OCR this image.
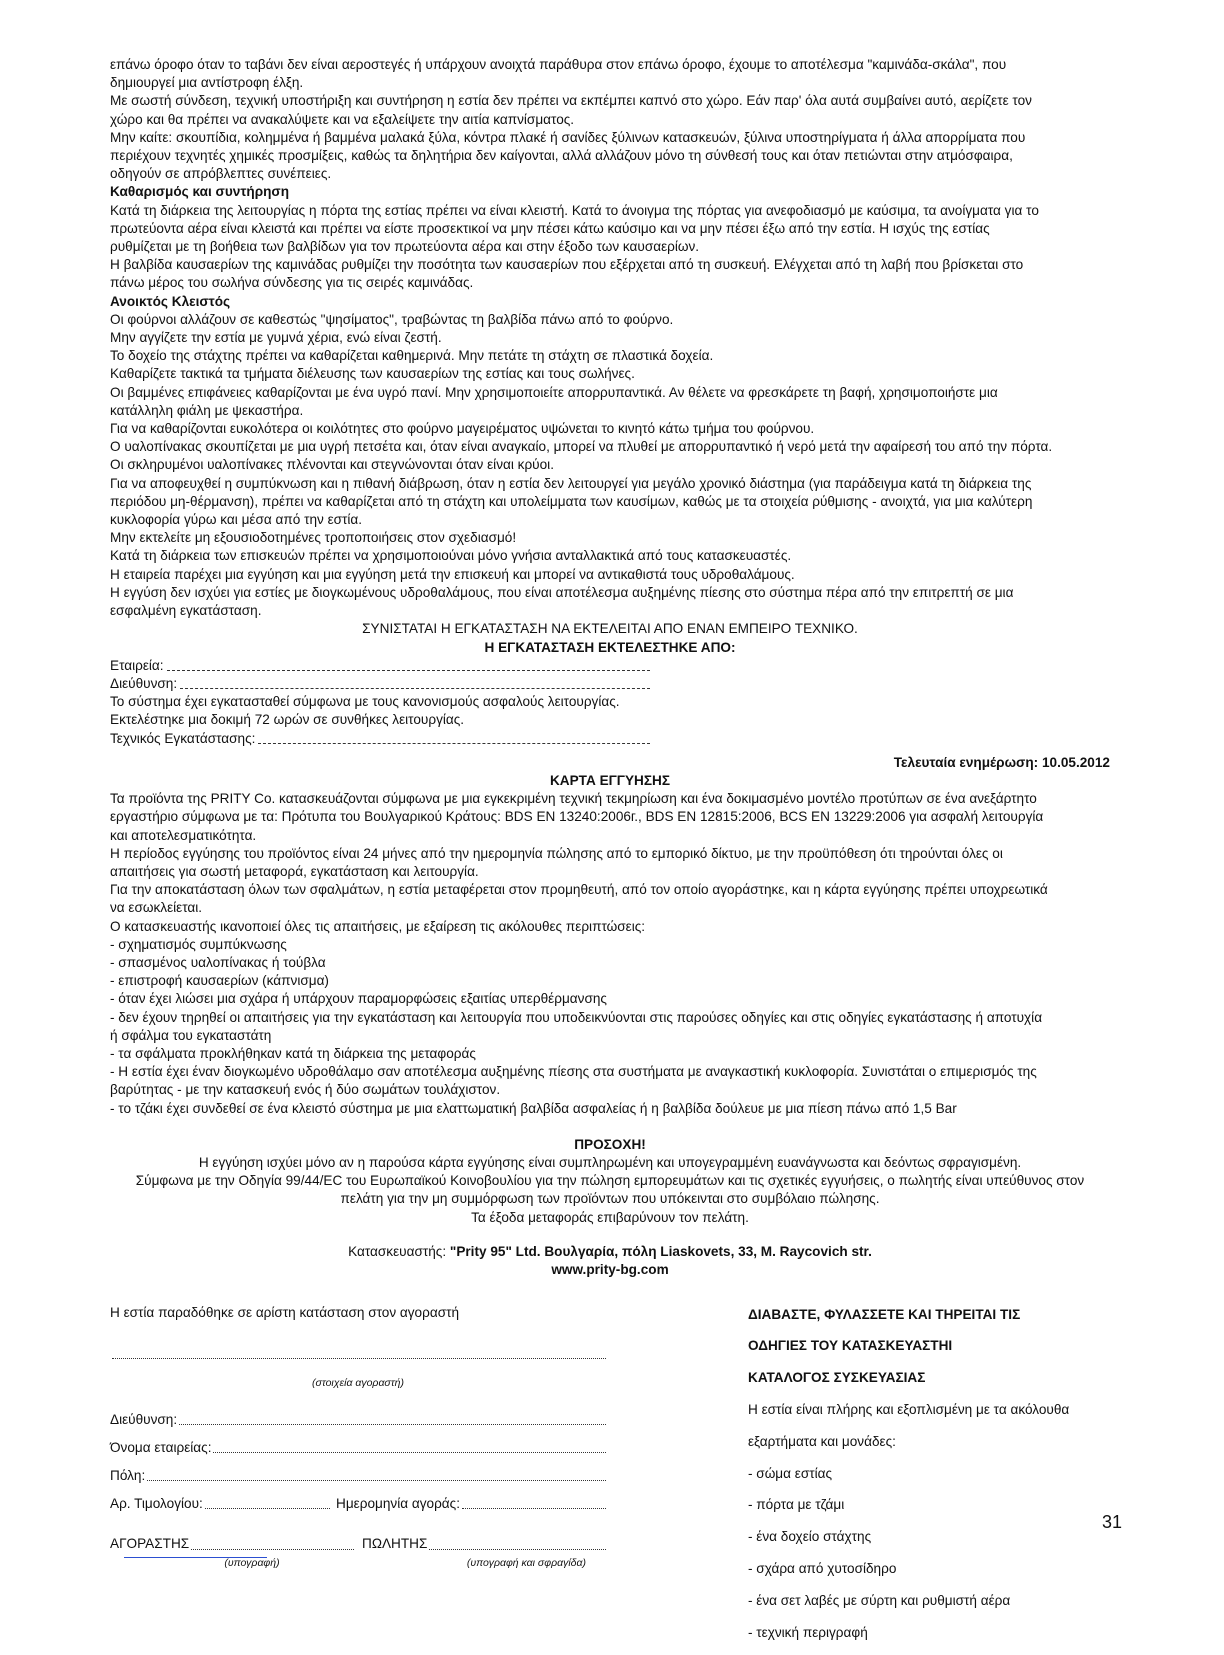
επάνω όροφο όταν το ταβάνι δεν είναι αεροστεγές ή υπάρχουν ανοιχτά παράθυρα στον επάνω όροφο, έχουμε το αποτέλεσμα "καμινάδα-σκάλα", που

δημιουργεί μια αντίστροφη έλξη.

Με σωστή σύνδεση, τεχνική υποστήριξη και συντήρηση η εστία δεν πρέπει να εκπέμπει καπνό στο χώρο. Εάν παρ' όλα αυτά συμβαίνει αυτό, αερίζετε τον

χώρο και θα πρέπει να ανακαλύψετε και να εξαλείψετε την αιτία καπνίσματος.

Μην καίτε: σκουπίδια, κολημμένα ή βαμμένα μαλακά ξύλα, κόντρα πλακέ ή σανίδες ξύλινων κατασκευών, ξύλινα υποστηρίγματα ή άλλα απορρίματα που

περιέχουν τεχνητές χημικές προσμίξεις, καθώς τα δηλητήρια δεν καίγονται, αλλά αλλάζουν μόνο τη σύνθεσή τους και όταν πετιώνται στην ατμόσφαιρα,

οδηγούν σε απρόβλεπτες συνέπειες.

Καθαρισμός και συντήρηση

Κατά τη διάρκεια της λειτουργίας η πόρτα της εστίας πρέπει να είναι κλειστή. Κατά το άνοιγμα της πόρτας για ανεφοδιασμό με καύσιμα, τα ανοίγματα για το

πρωτεύοντα αέρα είναι κλειστά και πρέπει να είστε προσεκτικοί να μην πέσει κάτω καύσιμο και να μην πέσει έξω από την εστία. Η ισχύς της εστίας

ρυθμίζεται με τη βοήθεια των βαλβίδων για τον πρωτεύοντα αέρα και στην έξοδο των καυσαερίων.

Η βαλβίδα καυσαερίων της καμινάδας ρυθμίζει την ποσότητα των καυσαερίων που εξέρχεται από τη συσκευή. Ελέγχεται από τη λαβή που βρίσκεται στο

πάνω μέρος του σωλήνα σύνδεσης για τις σειρές καμινάδας.

Ανοικτός Κλειστός

Οι φούρνοι αλλάζουν σε καθεστώς "ψησίματος", τραβώντας τη βαλβίδα πάνω από το φούρνο.

Μην αγγίζετε την εστία με γυμνά χέρια, ενώ είναι ζεστή.

Το δοχείο της στάχτης πρέπει να καθαρίζεται καθημερινά. Μην πετάτε τη στάχτη σε πλαστικά δοχεία.

Καθαρίζετε τακτικά τα τμήματα διέλευσης των καυσαερίων της εστίας και τους σωλήνες.

Οι βαμμένες επιφάνειες καθαρίζονται με ένα υγρό πανί. Μην χρησιμοποιείτε απορρυπαντικά. Αν θέλετε να φρεσκάρετε τη βαφή, χρησιμοποιήστε μια

κατάλληλη φιάλη με ψεκαστήρα.

Για να καθαρίζονται ευκολότερα οι κοιλότητες στο φούρνο μαγειρέματος υψώνεται το κινητό κάτω τμήμα του φούρνου.

Ο υαλοπίνακας σκουπίζεται με μια υγρή πετσέτα και, όταν είναι αναγκαίο, μπορεί να πλυθεί με απορρυπαντικό ή νερό μετά την αφαίρεσή του από την πόρτα.

Οι σκληρυμένοι υαλοπίνακες πλένονται και στεγνώνονται όταν είναι κρύοι.

Για να αποφευχθεί η συμπύκνωση και η πιθανή διάβρωση, όταν η εστία δεν λειτουργεί για μεγάλο χρονικό διάστημα (για παράδειγμα κατά τη διάρκεια της

περιόδου μη-θέρμανση), πρέπει να καθαρίζεται από τη στάχτη και υπολείμματα των καυσίμων, καθώς με τα στοιχεία ρύθμισης - ανοιχτά, για μια καλύτερη

κυκλοφορία γύρω και μέσα από την εστία.

Μην εκτελείτε μη εξουσιοδοτημένες τροποποιήσεις στον σχεδιασμό!

Κατά τη διάρκεια των επισκευών πρέπει να χρησιμοποιούναι μόνο γνήσια ανταλλακτικά από τους κατασκευαστές.

Η εταιρεία παρέχει μια εγγύηση και μια εγγύηση μετά την επισκευή και μπορεί να αντικαθιστά τους υδροθαλάμους.

Η εγγύση δεν ισχύει για εστίες με διογκωμένους υδροθαλάμους, που είναι αποτέλεσμα αυξημένης πίεσης στο σύστημα πέρα από την επιτρεπτή σε μια

εσφαλμένη εγκατάσταση.

ΣΥΝΙΣΤΑΤΑΙ Η ΕΓΚΑΤΑΣΤΑΣΗ ΝΑ ΕΚΤΕΛΕΙΤΑΙ ΑΠΟ ΕΝΑΝ ΕΜΠΕΙΡΟ ΤΕΧΝΙΚΟ.

Η ΕΓΚΑΤΑΣΤΑΣΗ ΕΚΤΕΛΕΣΤΗΚΕ ΑΠΟ:

Εταιρεία:
Διεύθυνση:

Το σύστημα έχει εγκατασταθεί σύμφωνα με τους κανονισμούς ασφαλούς λειτουργίας.

Εκτελέστηκε μια δοκιμή 72 ωρών σε συνθήκες λειτουργίας.

Τεχνικός Εγκατάστασης:

Τελευταία ενημέρωση: 10.05.2012

ΚΑΡΤΑ ΕΓΓΥΗΣΗΣ

Τα προϊόντα της PRITY Co. κατασκευάζονται σύμφωνα με μια εγκεκριμένη τεχνική τεκμηρίωση και ένα δοκιμασμένο μοντέλο προτύπων σε ένα ανεξάρτητο

εργαστήριο σύμφωνα με τα: Πρότυπα του Βουλγαρικού Κράτους: BDS EN 13240:2006г., BDS EN 12815:2006, BCS EN 13229:2006 για ασφαλή λειτουργία

και αποτελεσματικότητα.

Η περίοδος εγγύησης του προϊόντος είναι 24 μήνες από την ημερομηνία πώλησης από το εμπορικό δίκτυο, με την προϋπόθεση ότι τηρούνται όλες οι

απαιτήσεις για σωστή μεταφορά, εγκατάσταση και λειτουργία.

Για την αποκατάσταση όλων των σφαλμάτων, η εστία μεταφέρεται στον προμηθευτή, από τον οποίο αγοράστηκε, και η κάρτα εγγύησης πρέπει υποχρεωτικά

να εσωκλείεται.

Ο κατασκευαστής ικανοποιεί όλες τις απαιτήσεις, με εξαίρεση τις ακόλουθες περιπτώσεις:

- σχηματισμός συμπύκνωσης

- σπασμένος υαλοπίνακας ή τούβλα

- επιστροφή καυσαερίων (κάπνισμα)

- όταν έχει λιώσει μια σχάρα ή υπάρχουν παραμορφώσεις εξαιτίας υπερθέρμανσης

- δεν έχουν τηρηθεί οι απαιτήσεις για την εγκατάσταση και λειτουργία που υποδεικνύονται στις παρούσες οδηγίες και στις οδηγίες εγκατάστασης ή αποτυχία

ή σφάλμα του εγκαταστάτη

- τα σφάλματα προκλήθηκαν κατά τη διάρκεια της μεταφοράς

- Η εστία έχει έναν διογκωμένο υδροθάλαμο σαν αποτέλεσμα αυξημένης πίεσης στα συστήματα με αναγκαστική κυκλοφορία. Συνιστάται ο επιμερισμός της

βαρύτητας - με την κατασκευή ενός ή δύο σωμάτων τουλάχιστον.

- το τζάκι έχει συνδεθεί σε ένα κλειστό σύστημα με μια ελαττωματική βαλβίδα ασφαλείας ή η βαλβίδα δούλευε με μια πίεση πάνω από 1,5 Bar

ΠΡΟΣΟΧΗ!

Η εγγύηση ισχύει μόνο αν η παρούσα κάρτα εγγύησης είναι συμπληρωμένη και υπογεγραμμένη ευανάγνωστα και δεόντως σφραγισμένη.

Σύμφωνα με την Οδηγία 99/44/EC του Ευρωπαϊκού Κοινοβουλίου για την πώληση εμπορευμάτων και τις σχετικές εγγυήσεις, ο πωλητής είναι υπεύθυνος στον

πελάτη για την μη συμμόρφωση των προϊόντων που υπόκεινται στο συμβόλαιο πώλησης.

Τα έξοδα μεταφοράς επιβαρύνουν τον πελάτη.

Κατασκευαστής: "Prity 95" Ltd. Βουλγαρία, πόλη Liaskovets, 33, M. Raycovich str.

www.prity-bg.com

Η εστία παραδόθηκε σε αρίστη κατάσταση στον αγοραστή

(στοιχεία αγοραστή)

Διεύθυνση:
Όνομα εταιρείας:
Πόλη:
Αρ. Τιμολογίου:	Ημερομηνία αγοράς:
ΑΓΟΡΑΣΤΗΣ	ΠΩΛΗΤΗΣ
(υπογραφή)	(υπογραφή και σφραγίδα)

ΔΙΑΒΑΣΤΕ, ΦΥΛΑΣΣΕΤΕ ΚΑΙ ΤΗΡΕΙΤΑΙ ΤΙΣ

ΟΔΗΓΙΕΣ ΤΟΥ ΚΑΤΑΣΚΕΥΑΣΤΗΙ

ΚΑΤΑΛΟΓΟΣ ΣΥΣΚΕΥΑΣΙΑΣ

Η εστία είναι πλήρης και εξοπλισμένη με τα ακόλουθα

εξαρτήματα και μονάδες:

- σώμα εστίας

- πόρτα με τζάμι

- ένα δοχείο στάχτης

- σχάρα από χυτοσίδηρο

- ένα σετ λαβές με σύρτη και ρυθμιστή αέρα

- τεχνική περιγραφή

31
